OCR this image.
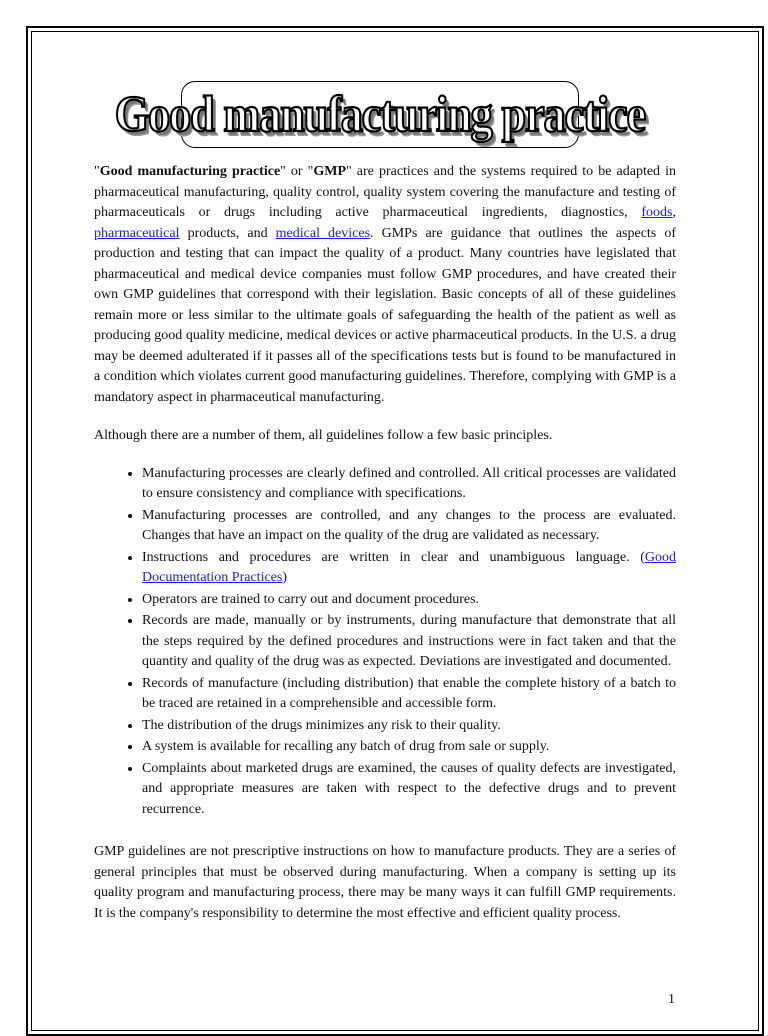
Good manufacturing practice

"Good manufacturing practice" or "GMP" are practices and the systems required to be adapted in pharmaceutical manufacturing, quality control, quality system covering the manufacture and testing of pharmaceuticals or drugs including active pharmaceutical ingredients, diagnostics, foods, pharmaceutical products, and medical devices. GMPs are guidance that outlines the aspects of production and testing that can impact the quality of a product. Many countries have legislated that pharmaceutical and medical device companies must follow GMP procedures, and have created their own GMP guidelines that correspond with their legislation. Basic concepts of all of these guidelines remain more or less similar to the ultimate goals of safeguarding the health of the patient as well as producing good quality medicine, medical devices or active pharmaceutical products. In the U.S. a drug may be deemed adulterated if it passes all of the specifications tests but is found to be manufactured in a condition which violates current good manufacturing guidelines. Therefore, complying with GMP is a mandatory aspect in pharmaceutical manufacturing.

Although there are a number of them, all guidelines follow a few basic principles.

• Manufacturing processes are clearly defined and controlled. All critical processes are validated to ensure consistency and compliance with specifications.
• Manufacturing processes are controlled, and any changes to the process are evaluated. Changes that have an impact on the quality of the drug are validated as necessary.
• Instructions and procedures are written in clear and unambiguous language. (Good Documentation Practices)
• Operators are trained to carry out and document procedures.
• Records are made, manually or by instruments, during manufacture that demonstrate that all the steps required by the defined procedures and instructions were in fact taken and that the quantity and quality of the drug was as expected. Deviations are investigated and documented.
• Records of manufacture (including distribution) that enable the complete history of a batch to be traced are retained in a comprehensible and accessible form.
• The distribution of the drugs minimizes any risk to their quality.
• A system is available for recalling any batch of drug from sale or supply.
• Complaints about marketed drugs are examined, the causes of quality defects are investigated, and appropriate measures are taken with respect to the defective drugs and to prevent recurrence.

GMP guidelines are not prescriptive instructions on how to manufacture products. They are a series of general principles that must be observed during manufacturing. When a company is setting up its quality program and manufacturing process, there may be many ways it can fulfill GMP requirements. It is the company's responsibility to determine the most effective and efficient quality process.

1
